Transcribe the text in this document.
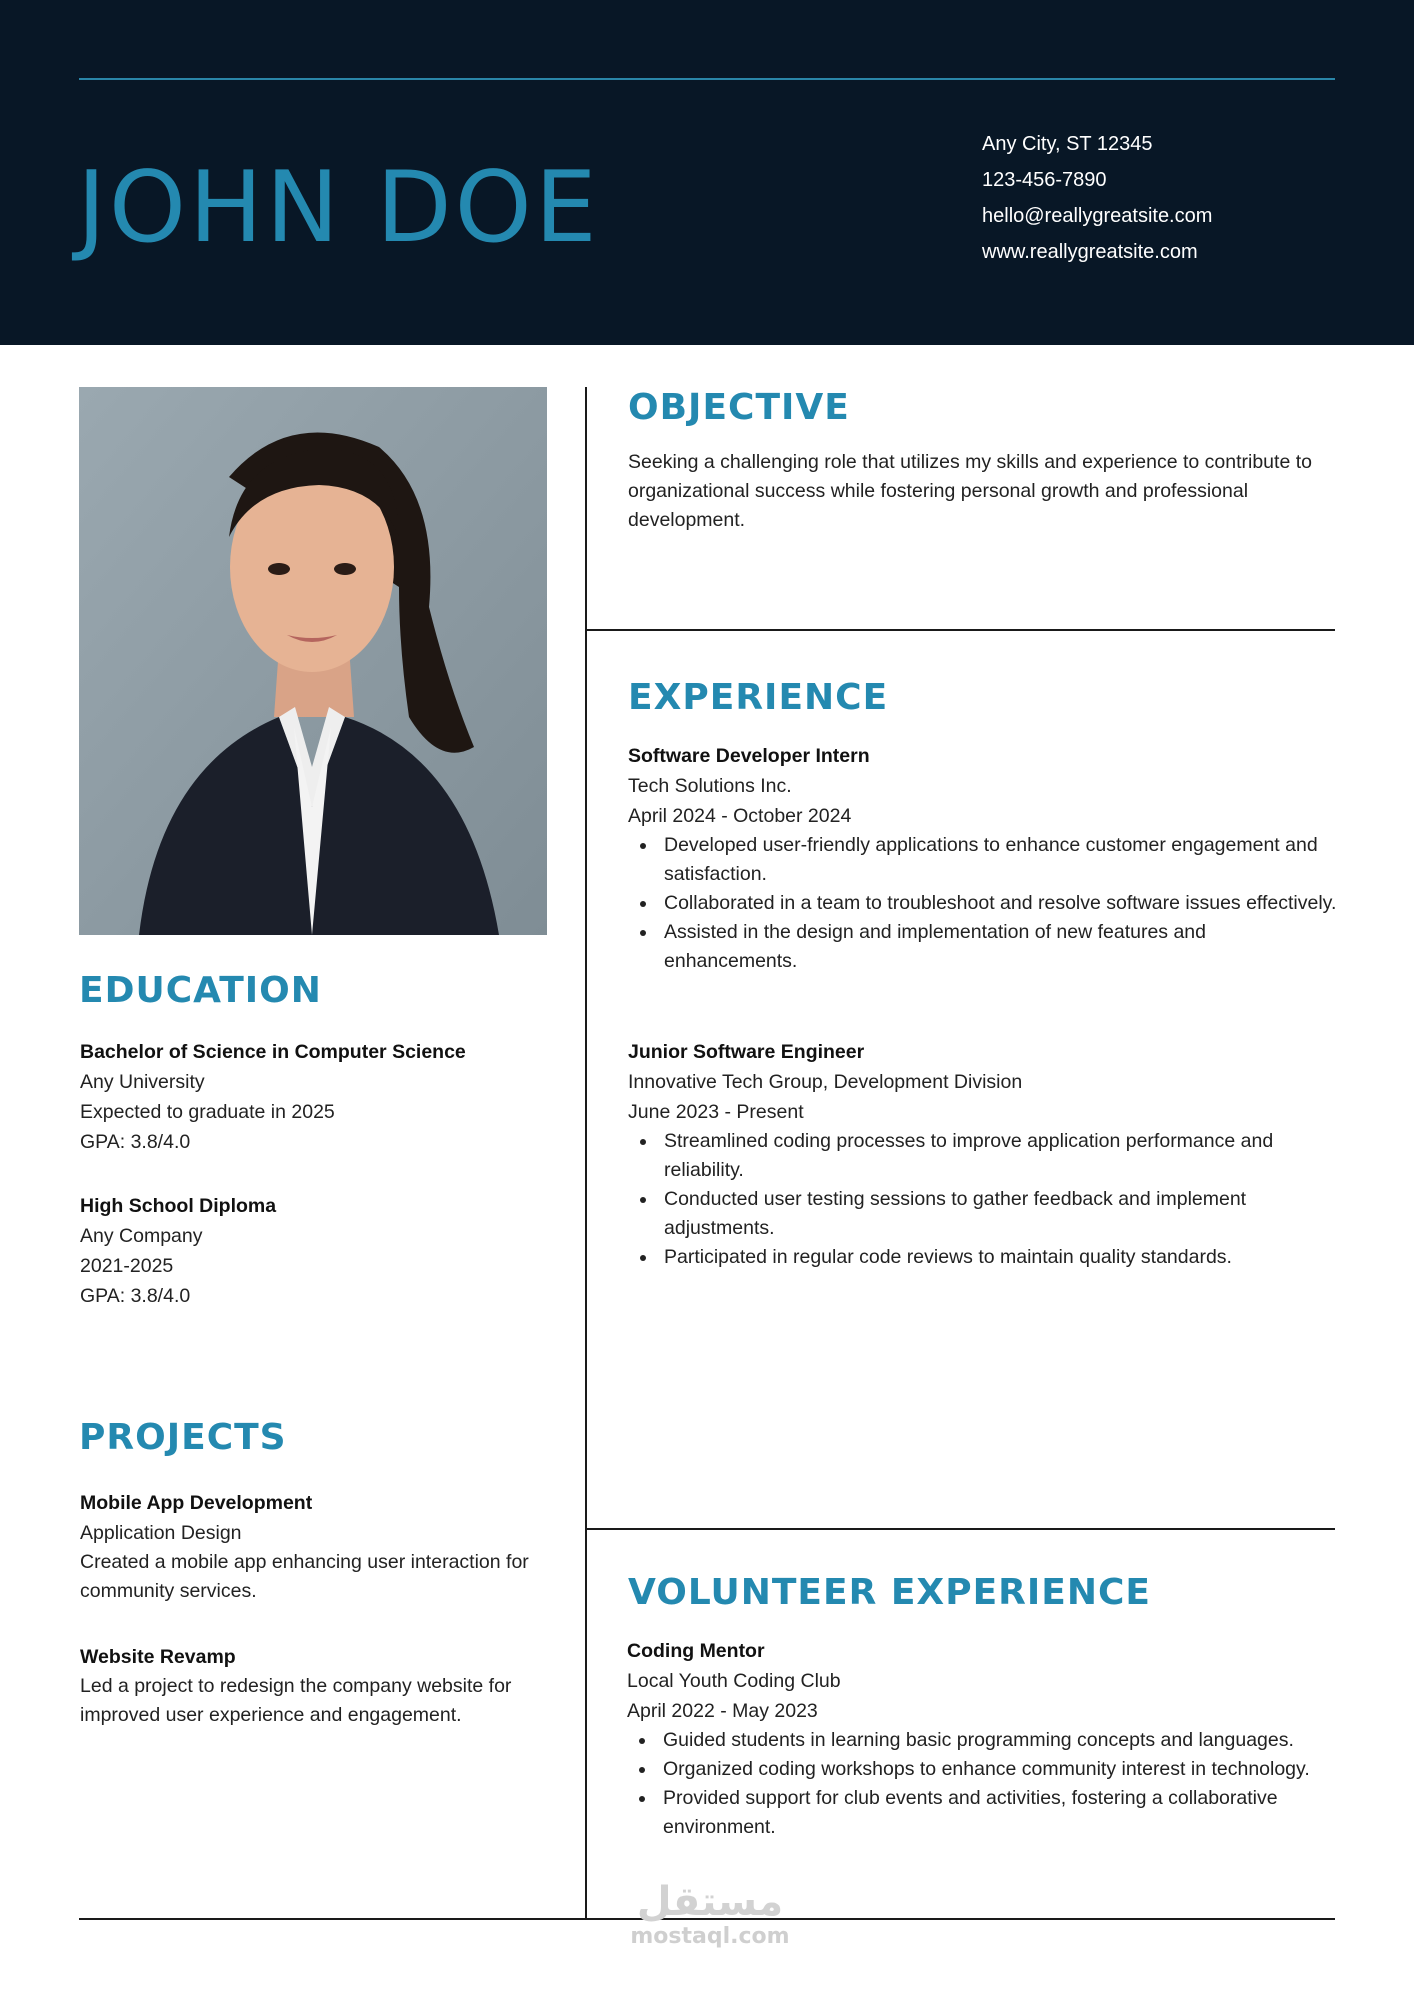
JOHN DOE
Any City, ST 12345
123-456-7890
hello@reallygreatsite.com
www.reallygreatsite.com
OBJECTIVE

Seeking a challenging role that utilizes my skills and experience to contribute to organizational success while fostering personal growth and professional development.

EXPERIENCE
Software Developer Intern
Tech Solutions Inc.
April 2024 - October 2024
Developed user-friendly applications to enhance customer engagement and satisfaction.
Collaborated in a team to troubleshoot and resolve software issues effectively.
Assisted in the design and implementation of new features and enhancements.
Junior Software Engineer
Innovative Tech Group, Development Division
June 2023 - Present
Streamlined coding processes to improve application performance and reliability.
Conducted user testing sessions to gather feedback and implement adjustments.
Participated in regular code reviews to maintain quality standards.
EDUCATION
Bachelor of Science in Computer Science
Any University
Expected to graduate in 2025
GPA: 3.8/4.0
High School Diploma
Any Company
2021-2025
GPA: 3.8/4.0
PROJECTS
Mobile App Development
Application Design

Created a mobile app enhancing user interaction for community services.

Website Revamp

Led a project to redesign the company website for improved user experience and engagement.

VOLUNTEER EXPERIENCE
Coding Mentor
Local Youth Coding Club
April 2022 - May 2023
Guided students in learning basic programming concepts and languages.
Organized coding workshops to enhance community interest in technology.
Provided support for club events and activities, fostering a collaborative environment.
مستقل
mostaql.com
